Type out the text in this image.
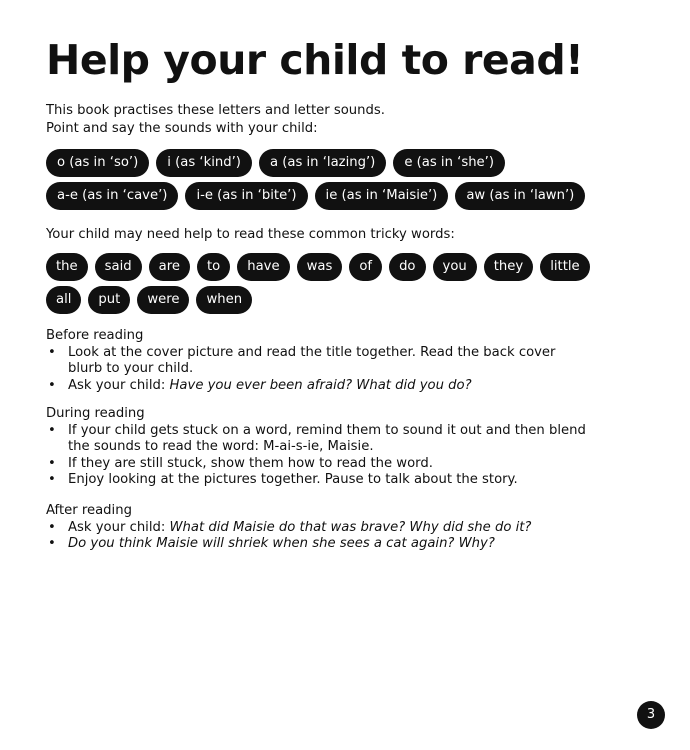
Help your child to read!
This book practises these letters and letter sounds.
Point and say the sounds with your child:
o (as in ‘so’)	i (as ‘kind’)	a (as in ‘lazing’)	e (as in ‘she’)
a-e (as in ‘cave’)	i-e (as in ‘bite’)	ie (as in ‘Maisie’)	aw (as in ‘lawn’)
Your child may need help to read these common tricky words:
the	said	are	to	have	was	of	do	you	they	little
all	put	were	when
Before reading
• Look at the cover picture and read the title together. Read the back cover blurb to your child.
• Ask your child: Have you ever been afraid? What did you do?
During reading
• If your child gets stuck on a word, remind them to sound it out and then blend the sounds to read the word: M-ai-s-ie, Maisie.
• If they are still stuck, show them how to read the word.
• Enjoy looking at the pictures together. Pause to talk about the story.
After reading
• Ask your child: What did Maisie do that was brave? Why did she do it?
• Do you think Maisie will shriek when she sees a cat again? Why?
3
